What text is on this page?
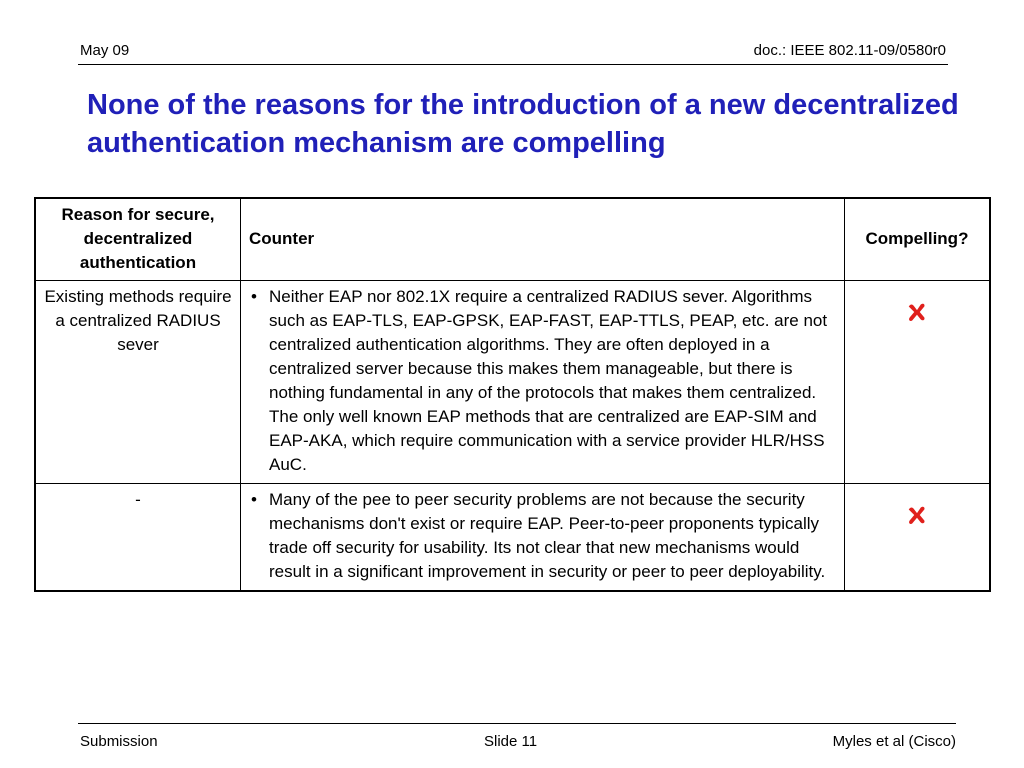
May 09	doc.: IEEE 802.11-09/0580r0
None of the reasons for the introduction of a new decentralized authentication mechanism are compelling
Reason for secure, decentralized authentication	Counter	Compelling?
Existing methods require a centralized RADIUS sever	• Neither EAP nor 802.1X require a centralized RADIUS sever. Algorithms such as EAP-TLS, EAP-GPSK, EAP-FAST, EAP-TTLS, PEAP, etc. are not centralized authentication algorithms. They are often deployed in a centralized server because this makes them manageable, but there is nothing fundamental in any of the protocols that makes them centralized. The only well known EAP methods that are centralized are EAP-SIM and EAP-AKA, which require communication with a service provider HLR/HSS AuC.

-	• Many of the pee to peer security problems are not because the security mechanisms don't exist or require EAP. Peer-to-peer proponents typically trade off security for usability. Its not clear that new mechanisms would result in a significant improvement in security or peer to peer deployability.

Submission	Slide 11	Myles et al (Cisco)
